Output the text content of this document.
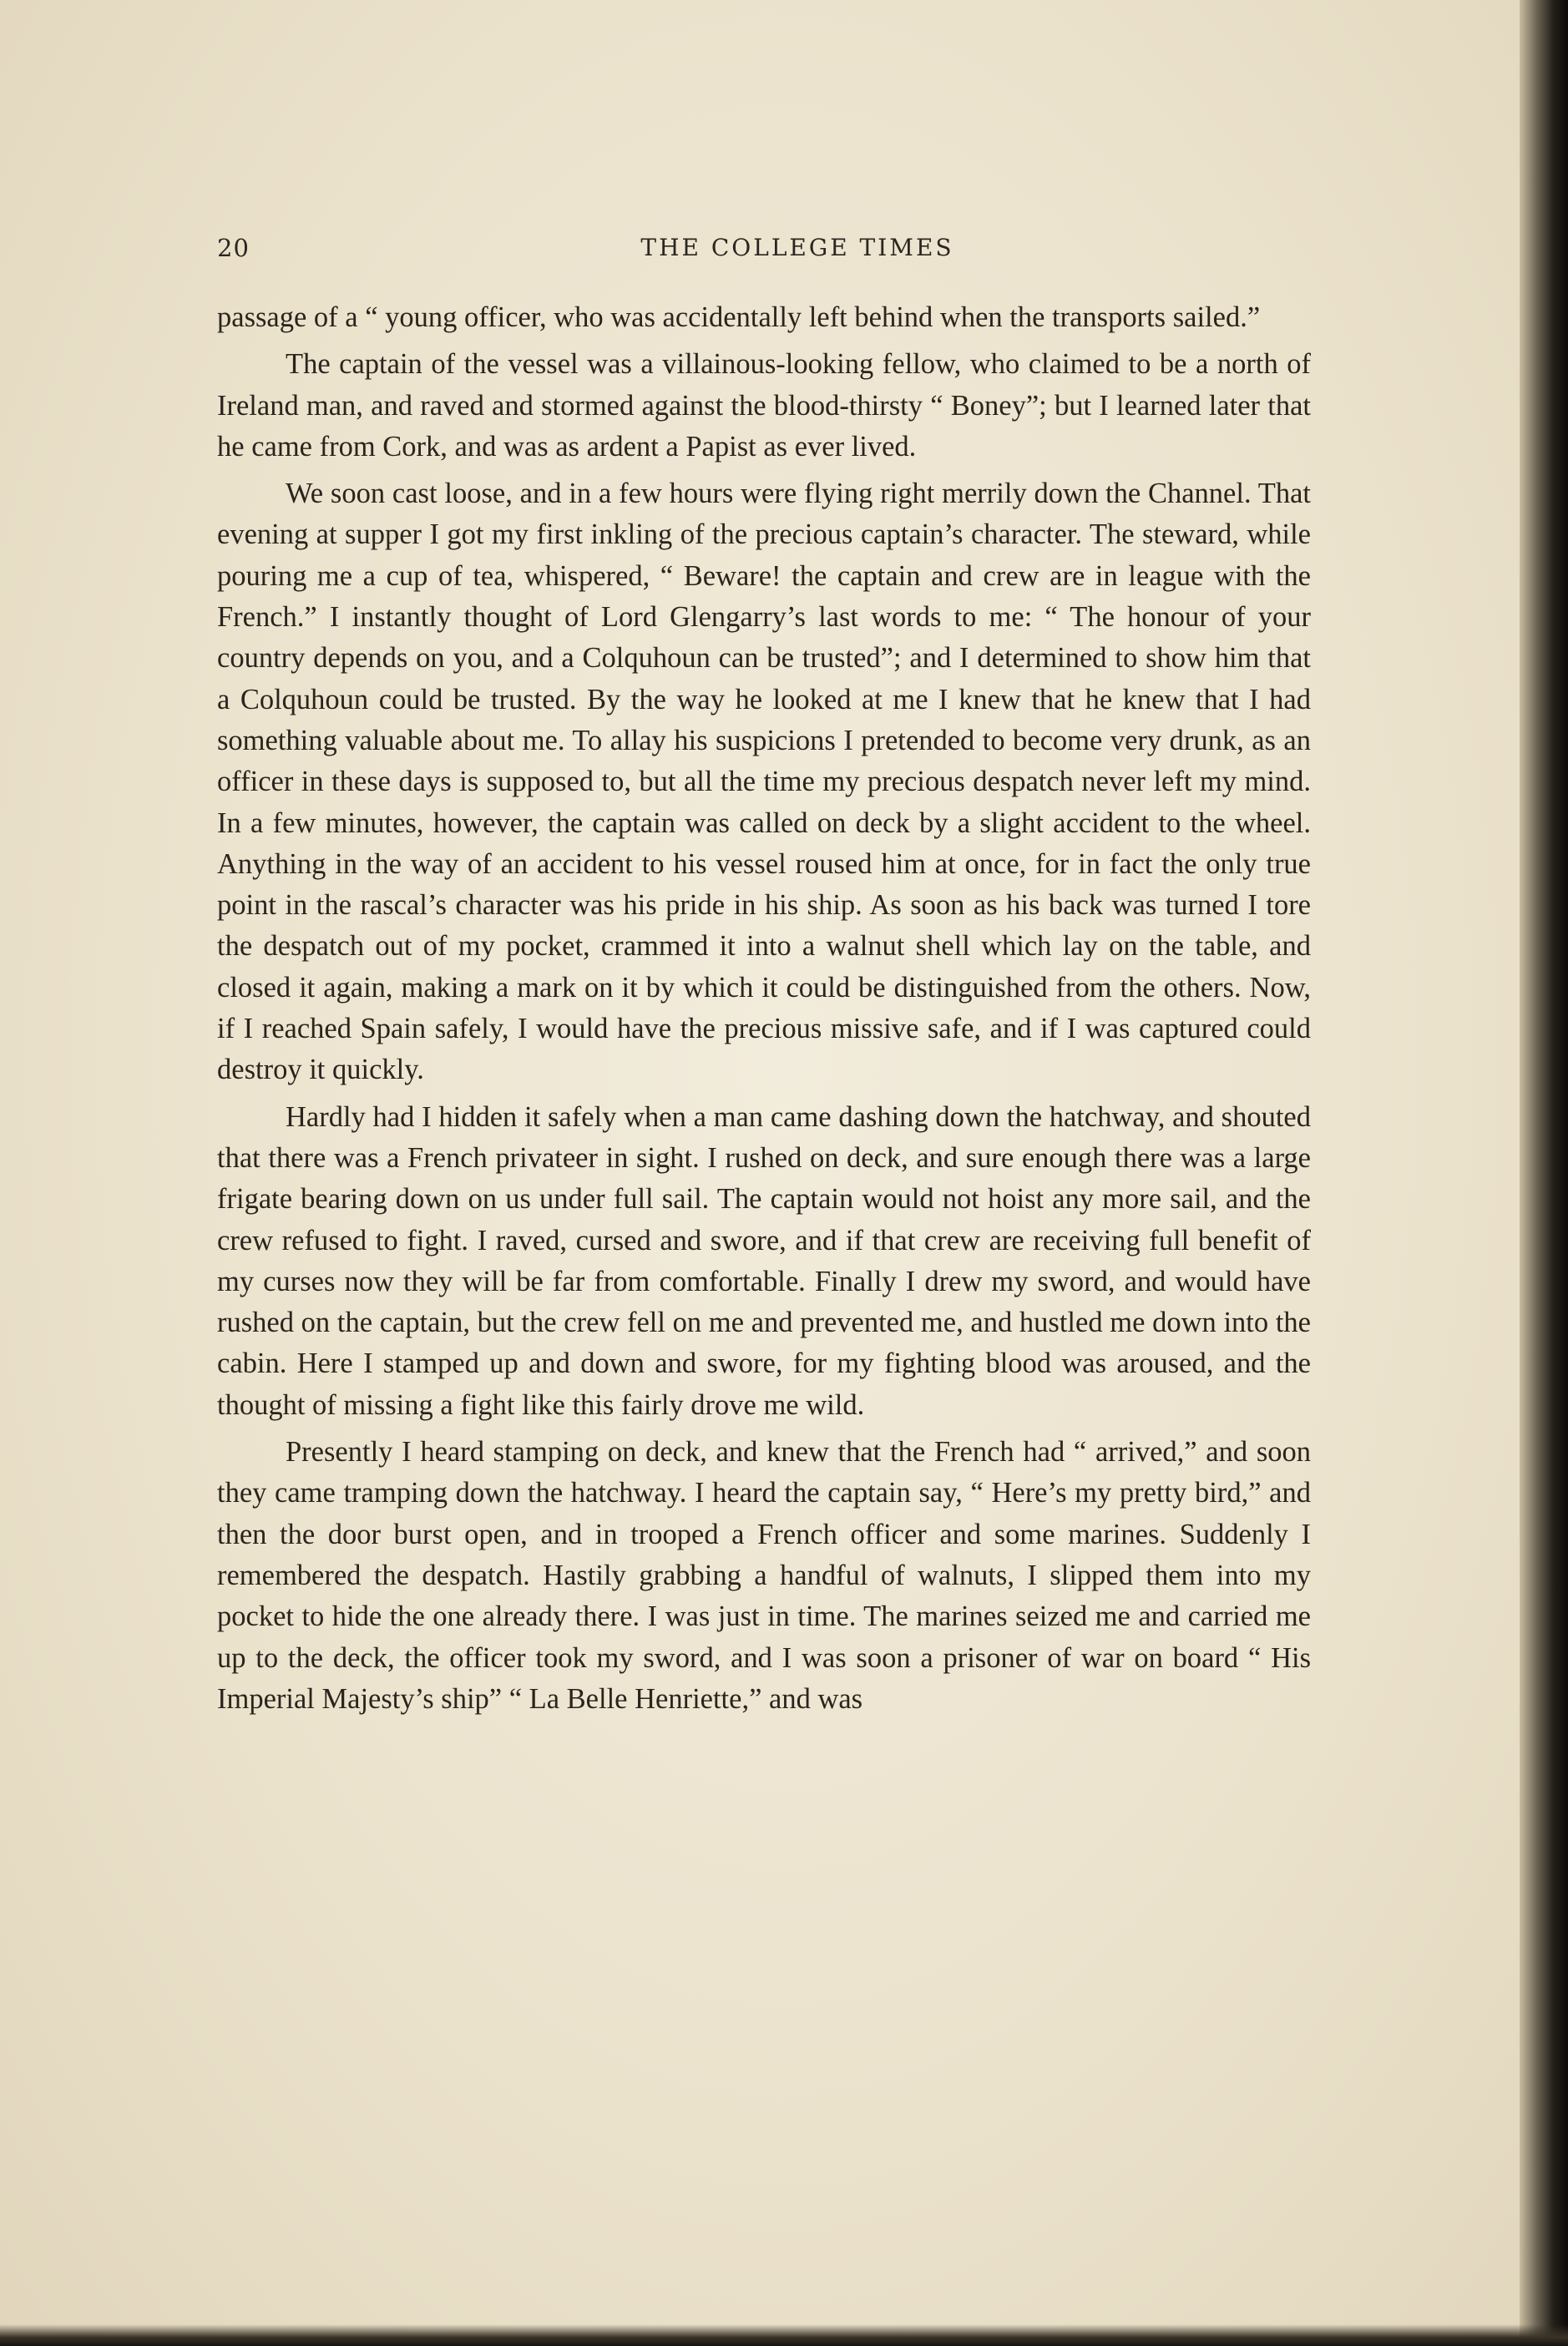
20	THE COLLEGE TIMES

passage of a “ young officer, who was accidentally left behind when the transports sailed.”

The captain of the vessel was a villainous-looking fellow, who claimed to be a north of Ireland man, and raved and stormed against the blood-thirsty “ Boney”; but I learned later that he came from Cork, and was as ardent a Papist as ever lived.

We soon cast loose, and in a few hours were flying right merrily down the Channel. That evening at supper I got my first inkling of the precious captain’s character. The steward, while pouring me a cup of tea, whispered, “ Beware! the captain and crew are in league with the French.” I instantly thought of Lord Glengarry’s last words to me: “ The honour of your country depends on you, and a Colquhoun can be trusted”; and I determined to show him that a Colquhoun could be trusted. By the way he looked at me I knew that he knew that I had something valuable about me. To allay his suspicions I pretended to become very drunk, as an officer in these days is supposed to, but all the time my precious despatch never left my mind. In a few minutes, however, the captain was called on deck by a slight accident to the wheel. Anything in the way of an accident to his vessel roused him at once, for in fact the only true point in the rascal’s character was his pride in his ship. As soon as his back was turned I tore the despatch out of my pocket, crammed it into a walnut shell which lay on the table, and closed it again, making a mark on it by which it could be distinguished from the others. Now, if I reached Spain safely, I would have the precious missive safe, and if I was captured could destroy it quickly.

Hardly had I hidden it safely when a man came dashing down the hatchway, and shouted that there was a French privateer in sight. I rushed on deck, and sure enough there was a large frigate bearing down on us under full sail. The captain would not hoist any more sail, and the crew refused to fight. I raved, cursed and swore, and if that crew are receiving full benefit of my curses now they will be far from comfortable. Finally I drew my sword, and would have rushed on the captain, but the crew fell on me and prevented me, and hustled me down into the cabin. Here I stamped up and down and swore, for my fighting blood was aroused, and the thought of missing a fight like this fairly drove me wild.

Presently I heard stamping on deck, and knew that the French had “ arrived,” and soon they came tramping down the hatchway. I heard the captain say, “ Here’s my pretty bird,” and then the door burst open, and in trooped a French officer and some marines. Suddenly I remembered the despatch. Hastily grabbing a handful of walnuts, I slipped them into my pocket to hide the one already there. I was just in time. The marines seized me and carried me up to the deck, the officer took my sword, and I was soon a prisoner of war on board “ His Imperial Majesty’s ship” “ La Belle Henriette,” and was
